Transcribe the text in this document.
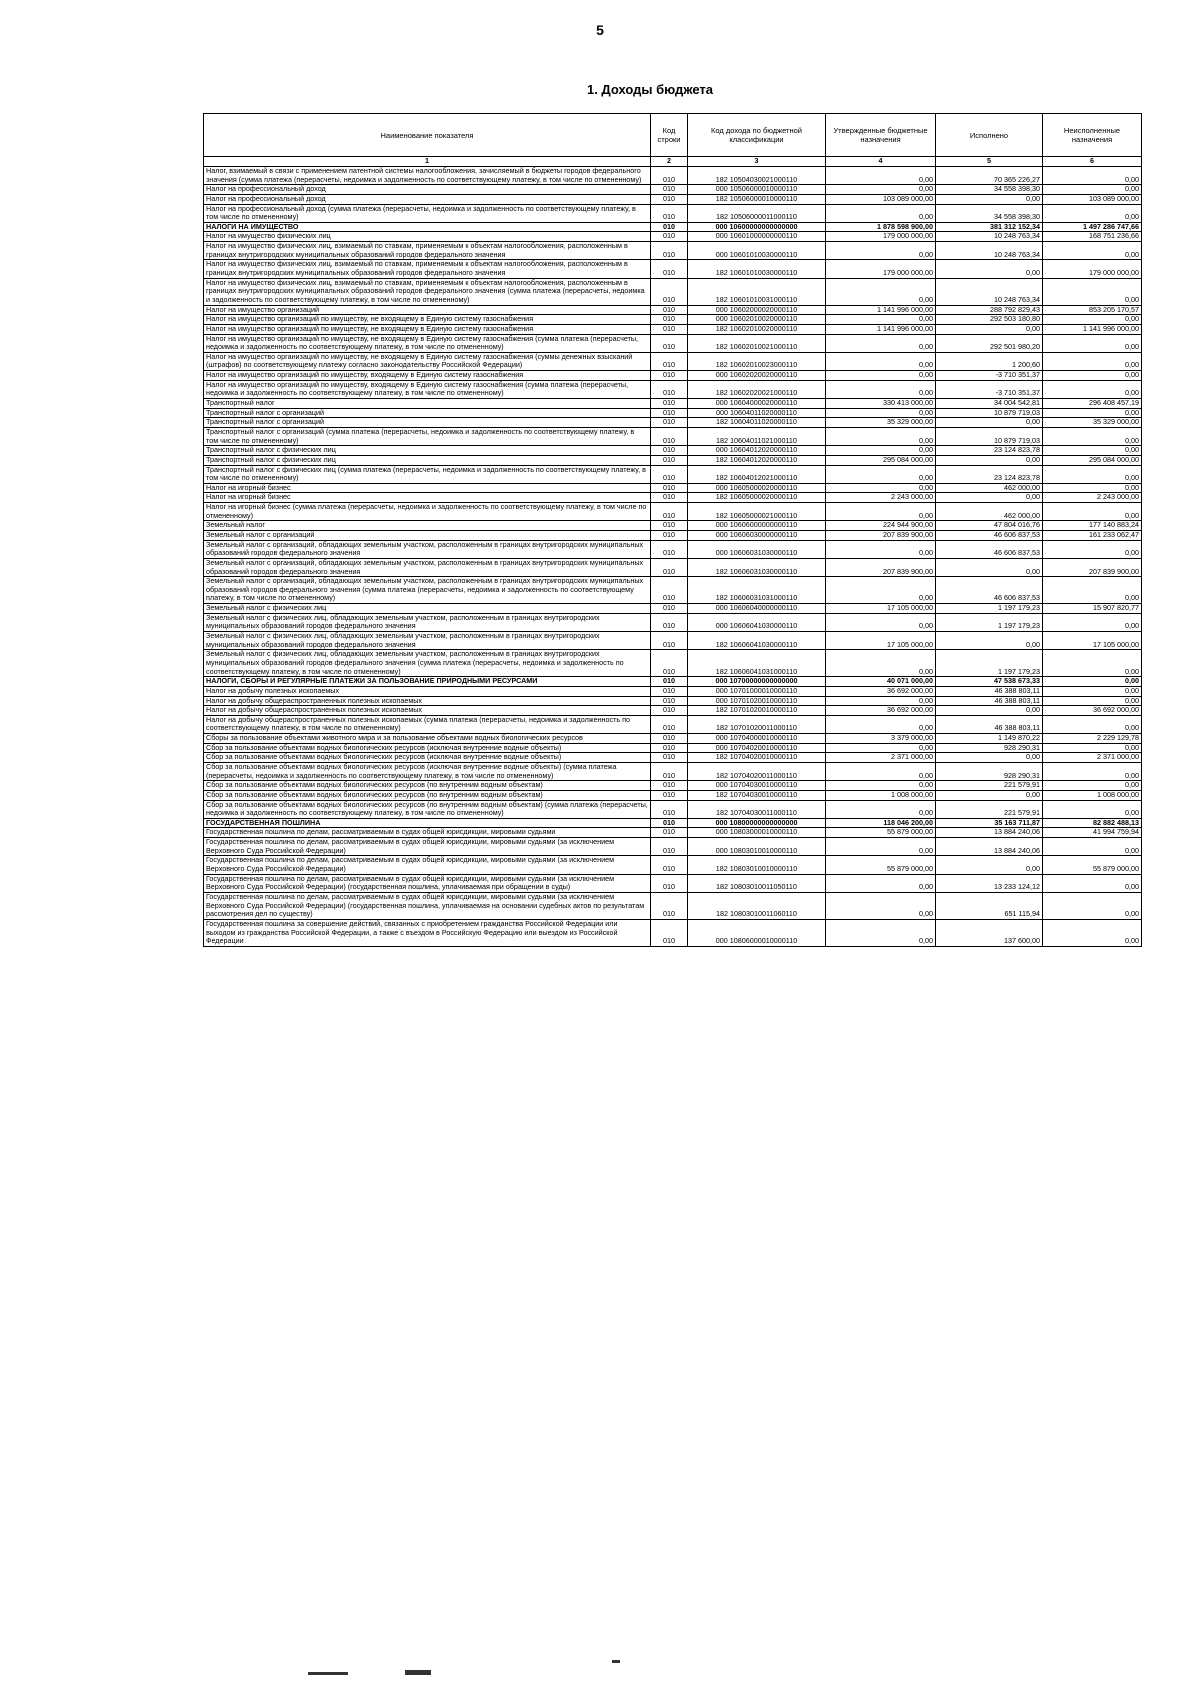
5
1. Доходы бюджета
Наименование показателя	Код строки	Код дохода по бюджетной классификации	Утвержденные бюджетные назначения	Исполнено	Неисполненные назначения
1	2	3	4	5	6
Налог, взимаемый в связи с применением патентной системы налогообложения, зачисляемый в бюджеты городов федерального значения (сумма платежа (перерасчеты, недоимка и задолженность по соответствующему платежу, в том числе по отмененному)	010	182 10504030021000110	0,00	70 365 226,27	0,00
Налог на профессиональный доход	010	000 10506000010000110	0,00	34 558 398,30	0,00
Налог на профессиональный доход	010	182 10506000010000110	103 089 000,00	0,00	103 089 000,00
Налог на профессиональный доход (сумма платежа (перерасчеты, недоимка и задолженность по соответствующему платежу, в том числе по отмененному)	010	182 10506000011000110	0,00	34 558 398,30	0,00
НАЛОГИ НА ИМУЩЕСТВО	010	000 10600000000000000	1 878 598 900,00	381 312 152,34	1 497 286 747,66
Налог на имущество физических лиц	010	000 10601000000000110	179 000 000,00	10 248 763,34	168 751 236,66
Налог на имущество физических лиц, взимаемый по ставкам, применяемым к объектам налогообложения, расположенным в границах внутригородских муниципальных образований городов федерального значения	010	000 10601010030000110	0,00	10 248 763,34	0,00
Налог на имущество физических лиц, взимаемый по ставкам, применяемым к объектам налогообложения, расположенным в границах внутригородских муниципальных образований городов федерального значения	010	182 10601010030000110	179 000 000,00	0,00	179 000 000,00
Налог на имущество физических лиц, взимаемый по ставкам, применяемым к объектам налогообложения, расположенным в границах внутригородских муниципальных образований городов федерального значения (сумма платежа (перерасчеты, недоимка и задолженность по соответствующему платежу, в том числе по отмененному)	010	182 10601010031000110	0,00	10 248 763,34	0,00
Налог на имущество организаций	010	000 10602000020000110	1 141 996 000,00	288 792 829,43	853 205 170,57
Налог на имущество организаций по имуществу, не входящему в Единую систему газоснабжения	010	000 10602010020000110	0,00	292 503 180,80	0,00
Налог на имущество организаций по имуществу, не входящему в Единую систему газоснабжения	010	182 10602010020000110	1 141 996 000,00	0,00	1 141 996 000,00
Налог на имущество организаций по имуществу, не входящему в Единую систему газоснабжения (сумма платежа (перерасчеты, недоимка и задолженность по соответствующему платежу, в том числе по отмененному)	010	182 10602010021000110	0,00	292 501 980,20	0,00
Налог на имущество организаций по имуществу, не входящему в Единую систему газоснабжения (суммы денежных взысканий (штрафов) по соответствующему платежу согласно законодательству Российской Федерации)	010	182 10602010023000110	0,00	1 200,60	0,00
Налог на имущество организаций по имуществу, входящему в Единую систему газоснабжения	010	000 10602020020000110	0,00	-3 710 351,37	0,00
Налог на имущество организаций по имуществу, входящему в Единую систему газоснабжения (сумма платежа (перерасчеты, недоимка и задолженность по соответствующему платежу, в том числе по отмененному)	010	182 10602020021000110	0,00	-3 710 351,37	0,00
Транспортный налог	010	000 10604000020000110	330 413 000,00	34 004 542,81	296 408 457,19
Транспортный налог с организаций	010	000 10604011020000110	0,00	10 879 719,03	0,00
Транспортный налог с организаций	010	182 10604011020000110	35 329 000,00	0,00	35 329 000,00
Транспортный налог с организаций (сумма платежа (перерасчеты, недоимка и задолженность по соответствующему платежу, в том числе по отмененному)	010	182 10604011021000110	0,00	10 879 719,03	0,00
Транспортный налог с физических лиц	010	000 10604012020000110	0,00	23 124 823,78	0,00
Транспортный налог с физических лиц	010	182 10604012020000110	295 084 000,00	0,00	295 084 000,00
Транспортный налог с физических лиц (сумма платежа (перерасчеты, недоимка и задолженность по соответствующему платежу, в том числе по отмененному)	010	182 10604012021000110	0,00	23 124 823,78	0,00
Налог на игорный бизнес	010	000 10605000020000110	0,00	462 000,00	0,00
Налог на игорный бизнес	010	182 10605000020000110	2 243 000,00	0,00	2 243 000,00
Налог на игорный бизнес (сумма платежа (перерасчеты, недоимка и задолженность по соответствующему платежу, в том числе по отмененному)	010	182 10605000021000110	0,00	462 000,00	0,00
Земельный налог	010	000 10606000000000110	224 944 900,00	47 804 016,76	177 140 883,24
Земельный налог с организаций	010	000 10606030000000110	207 839 900,00	46 606 837,53	161 233 062,47
Земельный налог с организаций, обладающих земельным участком, расположенным в границах внутригородских муниципальных образований городов федерального значения	010	000 10606031030000110	0,00	46 606 837,53	0,00
Земельный налог с организаций, обладающих земельным участком, расположенным в границах внутригородских муниципальных образований городов федерального значения	010	182 10606031030000110	207 839 900,00	0,00	207 839 900,00
Земельный налог с организаций, обладающих земельным участком, расположенным в границах внутригородских муниципальных образований городов федерального значения (сумма платежа (перерасчеты, недоимка и задолженность по соответствующему платежу, в том числе по отмененному)	010	182 10606031031000110	0,00	46 606 837,53	0,00
Земельный налог с физических лиц	010	000 10606040000000110	17 105 000,00	1 197 179,23	15 907 820,77
Земельный налог с физических лиц, обладающих земельным участком, расположенным в границах внутригородских муниципальных образований городов федерального значения	010	000 10606041030000110	0,00	1 197 179,23	0,00
Земельный налог с физических лиц, обладающих земельным участком, расположенным в границах внутригородских муниципальных образований городов федерального значения	010	182 10606041030000110	17 105 000,00	0,00	17 105 000,00
Земельный налог с физических лиц, обладающих земельным участком, расположенным в границах внутригородских муниципальных образований городов федерального значения (сумма платежа (перерасчеты, недоимка и задолженность по соответствующему платежу, в том числе по отмененному)	010	182 10606041031000110	0,00	1 197 179,23	0,00
НАЛОГИ, СБОРЫ И РЕГУЛЯРНЫЕ ПЛАТЕЖИ ЗА ПОЛЬЗОВАНИЕ ПРИРОДНЫМИ РЕСУРСАМИ	010	000 10700000000000000	40 071 000,00	47 538 673,33	0,00
Налог на добычу полезных ископаемых	010	000 10701000010000110	36 692 000,00	46 388 803,11	0,00
Налог на добычу общераспространенных полезных ископаемых	010	000 10701020010000110	0,00	46 388 803,11	0,00
Налог на добычу общераспространенных полезных ископаемых	010	182 10701020010000110	36 692 000,00	0,00	36 692 000,00
Налог на добычу общераспространенных полезных ископаемых (сумма платежа (перерасчеты, недоимка и задолженность по соответствующему платежу, в том числе по отмененному)	010	182 10701020011000110	0,00	46 388 803,11	0,00
Сборы за пользование объектами животного мира и за пользование объектами водных биологических ресурсов	010	000 10704000010000110	3 379 000,00	1 149 870,22	2 229 129,78
Сбор за пользование объектами водных биологических ресурсов (исключая внутренние водные объекты)	010	000 10704020010000110	0,00	928 290,31	0,00
Сбор за пользование объектами водных биологических ресурсов (исключая внутренние водные объекты)	010	182 10704020010000110	2 371 000,00	0,00	2 371 000,00
Сбор за пользование объектами водных биологических ресурсов (исключая внутренние водные объекты) (сумма платежа (перерасчеты, недоимка и задолженность по соответствующему платежу, в том числе по отмененному)	010	182 10704020011000110	0,00	928 290,31	0,00
Сбор за пользование объектами водных биологических ресурсов (по внутренним водным объектам)	010	000 10704030010000110	0,00	221 579,91	0,00
Сбор за пользование объектами водных биологических ресурсов (по внутренним водным объектам)	010	182 10704030010000110	1 008 000,00	0,00	1 008 000,00
Сбор за пользование объектами водных биологических ресурсов (по внутренним водным объектам) (сумма платежа (перерасчеты, недоимка и задолженность по соответствующему платежу, в том числе по отмененному)	010	182 10704030011000110	0,00	221 579,91	0,00
ГОСУДАРСТВЕННАЯ ПОШЛИНА	010	000 10800000000000000	118 046 200,00	35 163 711,87	82 882 488,13
Государственная пошлина по делам, рассматриваемым в судах общей юрисдикции, мировыми судьями	010	000 10803000010000110	55 879 000,00	13 884 240,06	41 994 759,94
Государственная пошлина по делам, рассматриваемым в судах общей юрисдикции, мировыми судьями (за исключением Верховного Суда Российской Федерации)	010	000 10803010010000110	0,00	13 884 240,06	0,00
Государственная пошлина по делам, рассматриваемым в судах общей юрисдикции, мировыми судьями (за исключением Верховного Суда Российской Федерации)	010	182 10803010010000110	55 879 000,00	0,00	55 879 000,00
Государственная пошлина по делам, рассматриваемым в судах общей юрисдикции, мировыми судьями (за исключением Верховного Суда Российской Федерации) (государственная пошлина, уплачиваемая при обращении в суды)	010	182 10803010011050110	0,00	13 233 124,12	0,00
Государственная пошлина по делам, рассматриваемым в судах общей юрисдикции, мировыми судьями (за исключением Верховного Суда Российской Федерации) (государственная пошлина, уплачиваемая на основании судебных актов по результатам рассмотрения дел по существу)	010	182 10803010011060110	0,00	651 115,94	0,00
Государственная пошлина за совершение действий, связанных с приобретением гражданства Российской Федерации или выходом из гражданства Российской Федерации, а также с въездом в Российскую Федерацию или выездом из Российской Федерации	010	000 10806000010000110	0,00	137 600,00	0,00
